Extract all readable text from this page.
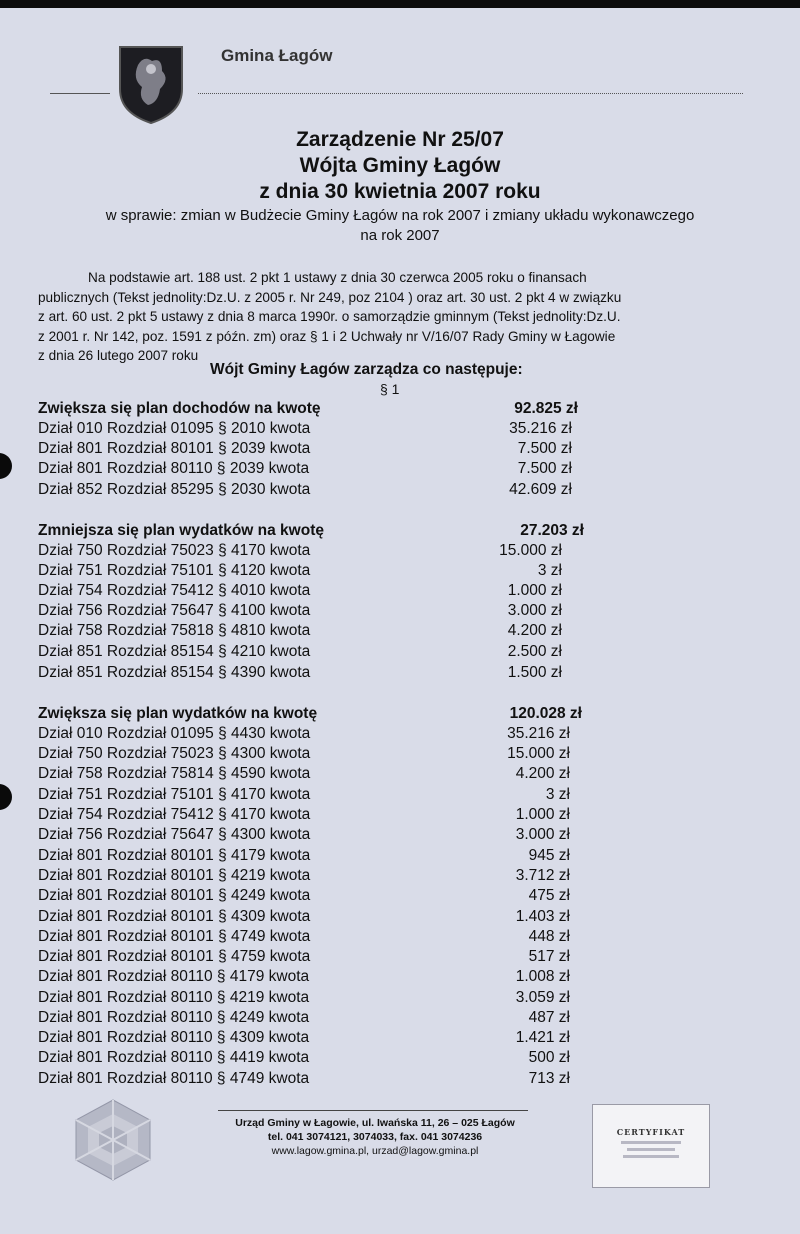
Gmina Łagów
Zarządzenie Nr 25/07
Wójta Gminy Łagów
z dnia 30 kwietnia 2007 roku
w sprawie: zmian w Budżecie Gminy Łagów na rok 2007 i zmiany układu wykonawczego
na rok 2007
Na podstawie art. 188 ust. 2 pkt 1 ustawy z dnia 30 czerwca 2005 roku o finansach
publicznych (Tekst jednolity:Dz.U. z 2005 r. Nr 249, poz 2104 ) oraz art. 30 ust. 2 pkt 4 w związku
z art. 60 ust. 2 pkt 5 ustawy z dnia 8 marca 1990r. o samorządzie gminnym (Tekst jednolity:Dz.U.
z 2001 r. Nr 142, poz. 1591 z późn. zm) oraz § 1 i 2 Uchwały nr V/16/07 Rady Gminy w Łagowie
z dnia 26 lutego 2007 roku
Wójt Gminy Łagów zarządza co następuje:
§ 1
Zwiększa się plan dochodów na kwotę	92.825 zł
Dział 010 Rozdział 01095 § 2010 kwota	35.216 zł
Dział 801 Rozdział 80101 § 2039 kwota	7.500 zł
Dział 801 Rozdział 80110 § 2039 kwota	7.500 zł
Dział 852 Rozdział 85295 § 2030 kwota	42.609 zł
Zmniejsza się plan wydatków na kwotę	27.203 zł
Dział 750 Rozdział 75023 § 4170 kwota	15.000 zł
Dział 751 Rozdział 75101 § 4120 kwota	3 zł
Dział 754 Rozdział 75412 § 4010 kwota	1.000 zł
Dział 756 Rozdział 75647 § 4100 kwota	3.000 zł
Dział 758 Rozdział 75818 § 4810 kwota	4.200 zł
Dział 851 Rozdział 85154 § 4210 kwota	2.500 zł
Dział 851 Rozdział 85154 § 4390 kwota	1.500 zł
Zwiększa się plan wydatków na kwotę	120.028 zł
Dział 010 Rozdział 01095 § 4430 kwota	35.216 zł
Dział 750 Rozdział 75023 § 4300 kwota	15.000 zł
Dział 758 Rozdział 75814 § 4590 kwota	4.200 zł
Dział 751 Rozdział 75101 § 4170 kwota	3 zł
Dział 754 Rozdział 75412 § 4170 kwota	1.000 zł
Dział 756 Rozdział 75647 § 4300 kwota	3.000 zł
Dział 801 Rozdział 80101 § 4179 kwota	945 zł
Dział 801 Rozdział 80101 § 4219 kwota	3.712 zł
Dział 801 Rozdział 80101 § 4249 kwota	475 zł
Dział 801 Rozdział 80101 § 4309 kwota	1.403 zł
Dział 801 Rozdział 80101 § 4749 kwota	448 zł
Dział 801 Rozdział 80101 § 4759 kwota	517 zł
Dział 801 Rozdział 80110 § 4179 kwota	1.008 zł
Dział 801 Rozdział 80110 § 4219 kwota	3.059 zł
Dział 801 Rozdział 80110 § 4249 kwota	487 zł
Dział 801 Rozdział 80110 § 4309 kwota	1.421 zł
Dział 801 Rozdział 80110 § 4419 kwota	500 zł
Dział 801 Rozdział 80110 § 4749 kwota	713 zł
Urząd Gminy w Łagowie, ul. Iwańska 11, 26 – 025 Łagów
tel. 041 3074121, 3074033, fax. 041 3074236
www.lagow.gmina.pl, urzad@lagow.gmina.pl
CERTYFIKAT
